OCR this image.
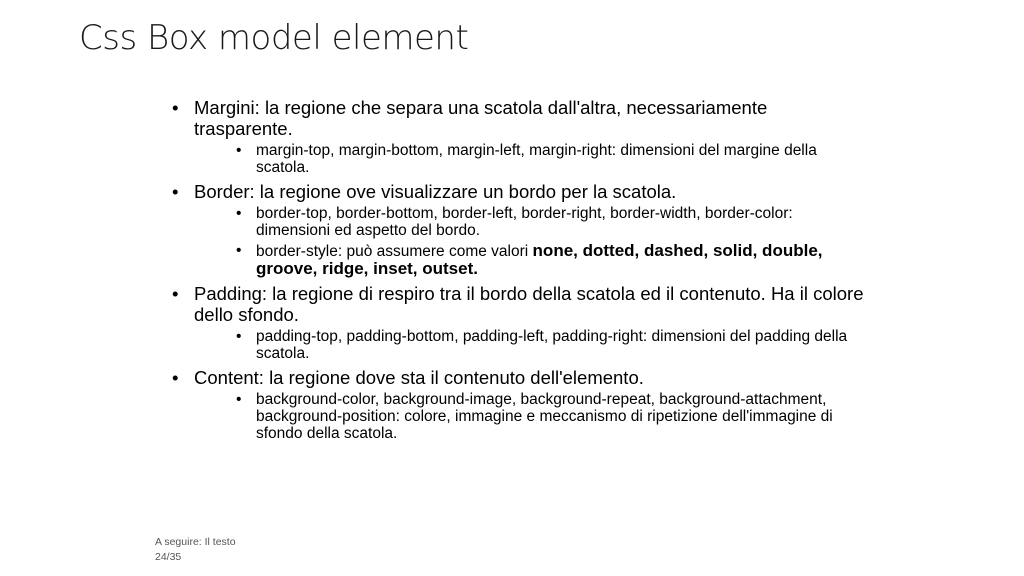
Css Box model element
• Margini: la regione che separa una scatola dall'altra, necessariamente trasparente.
• margin-top, margin-bottom, margin-left, margin-right: dimensioni del margine della scatola.
• Border: la regione ove visualizzare un bordo per la scatola.
• border-top, border-bottom, border-left, border-right, border-width, border-color: dimensioni ed aspetto del bordo.
• border-style: può assumere come valori none, dotted, dashed, solid, double, groove, ridge, inset, outset.
• Padding: la regione di respiro tra il bordo della scatola ed il contenuto. Ha il colore dello sfondo.
• padding-top, padding-bottom, padding-left, padding-right: dimensioni del padding della scatola.
• Content: la regione dove sta il contenuto dell'elemento.
• background-color, background-image, background-repeat, background-attachment, background-position: colore, immagine e meccanismo di ripetizione dell'immagine di sfondo della scatola.
A seguire: Il testo
24/35
